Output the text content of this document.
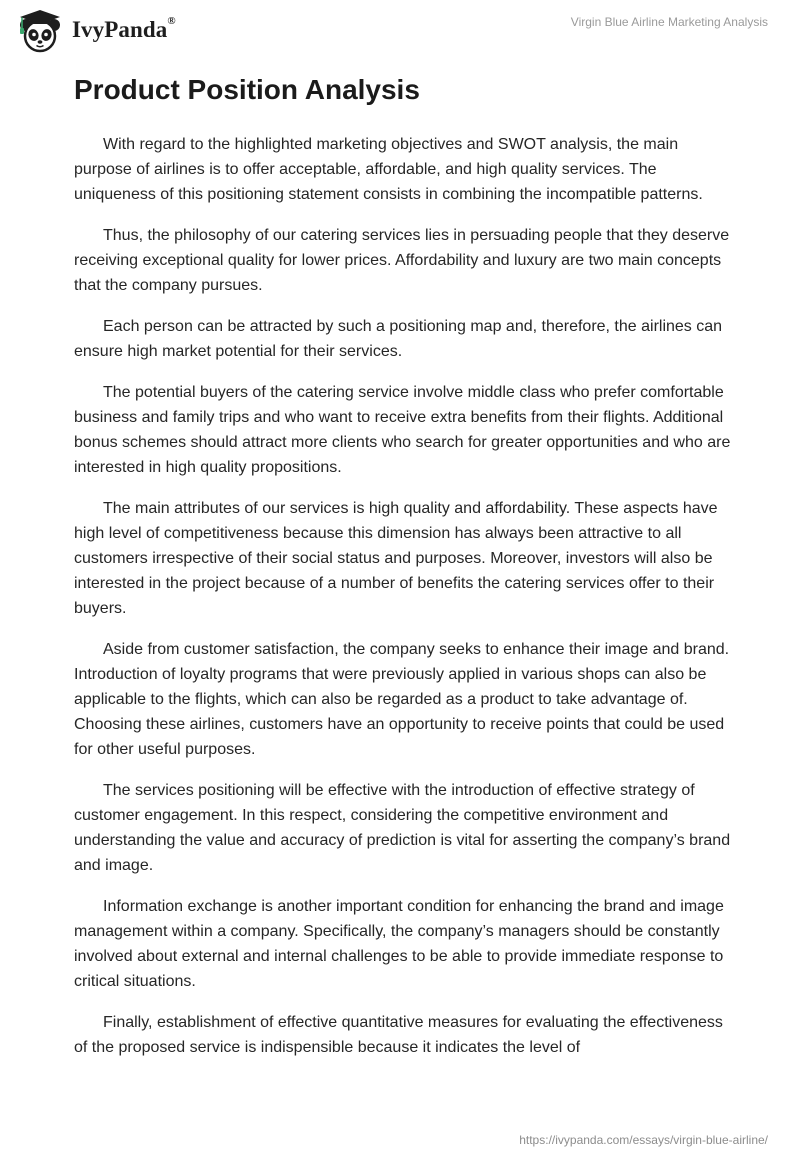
IvyPanda®	Virgin Blue Airline Marketing Analysis
Product Position Analysis

With regard to the highlighted marketing objectives and SWOT analysis, the main purpose of airlines is to offer acceptable, affordable, and high quality services. The uniqueness of this positioning statement consists in combining the incompatible patterns.

Thus, the philosophy of our catering services lies in persuading people that they deserve receiving exceptional quality for lower prices. Affordability and luxury are two main concepts that the company pursues.

Each person can be attracted by such a positioning map and, therefore, the airlines can ensure high market potential for their services.

The potential buyers of the catering service involve middle class who prefer comfortable business and family trips and who want to receive extra benefits from their flights. Additional bonus schemes should attract more clients who search for greater opportunities and who are interested in high quality propositions.

The main attributes of our services is high quality and affordability. These aspects have high level of competitiveness because this dimension has always been attractive to all customers irrespective of their social status and purposes. Moreover, investors will also be interested in the project because of a number of benefits the catering services offer to their buyers.

Aside from customer satisfaction, the company seeks to enhance their image and brand. Introduction of loyalty programs that were previously applied in various shops can also be applicable to the flights, which can also be regarded as a product to take advantage of. Choosing these airlines, customers have an opportunity to receive points that could be used for other useful purposes.

The services positioning will be effective with the introduction of effective strategy of customer engagement. In this respect, considering the competitive environment and understanding the value and accuracy of prediction is vital for asserting the company’s brand and image.

Information exchange is another important condition for enhancing the brand and image management within a company. Specifically, the company’s managers should be constantly involved about external and internal challenges to be able to provide immediate response to critical situations.

Finally, establishment of effective quantitative measures for evaluating the effectiveness of the proposed service is indispensible because it indicates the level of

https://ivypanda.com/essays/virgin-blue-airline/
